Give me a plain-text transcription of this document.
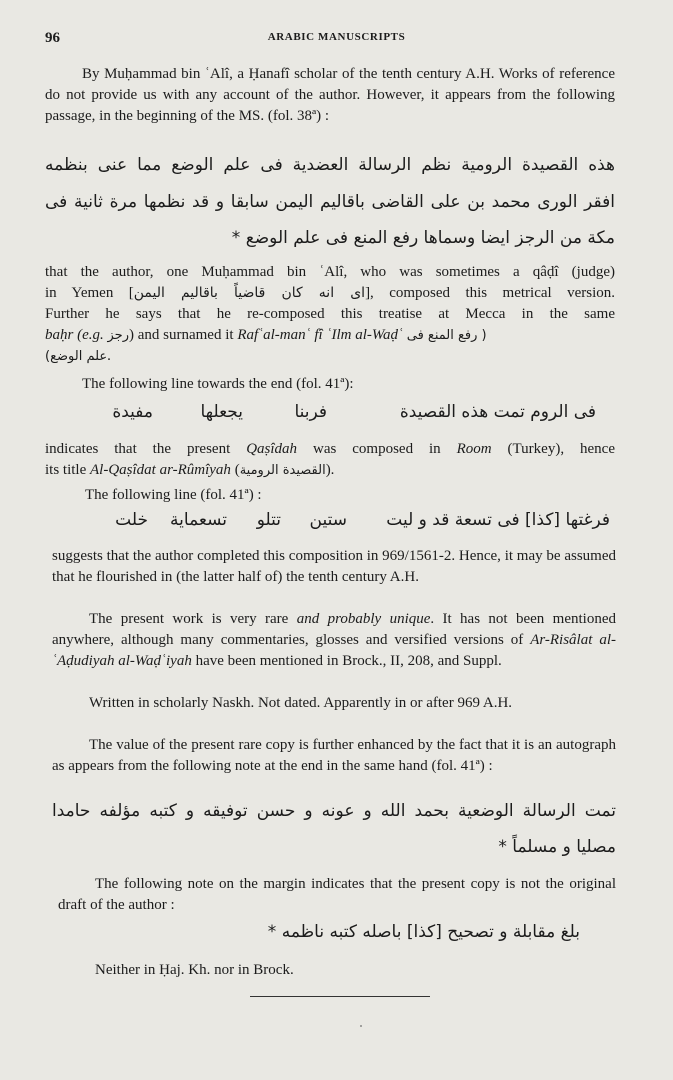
96	ARABIC MANUSCRIPTS

By Muḥammad bin ʿAlî, a Ḥanafî scholar of the tenth century A.H. Works of reference do not provide us with any account of the author. However, it appears from the following passage, in the beginning of the MS. (fol. 38ª) :

هذه القصيدة الرومية نظم الرسالة العضدية فى علم الوضع مما عنى بنظمه
افقر الورى محمد بن على القاضى باقاليم اليمن سابقا و قد نظمها مرة ثانية فى
مكة من الرجز ايضا وسماها رفع المنع فى علم الوضع *
that the author, one Muḥammad bin ʿAlî, who was sometimes a qâḍî (judge)
in Yemen [اى انه كان قاضياً باقاليم اليمن], composed this metrical version.
Further he says that he re-composed this treatise at Mecca in the same
baḥr (e.g. رجز) and surnamed it Rafʿal-manʿ fî ʿIlm al-Waḍʿ ( رفع المنع فى
علم الوضع).
The following line towards the end (fol. 41ª):
فى الروم تمت هذه القصيدة
فربنا
يجعلها
مفيدة
indicates that the present Qaṣîdah was composed in Room (Turkey), hence
its title Al-Qaṣîdat ar-Rûmîyah (القصيدة الرومية).
The following line (fol. 41ª) :
فرغتها [كذا] فى تسعة قد و ليت
ستين
تتلو
تسعماية
خلت

suggests that the author completed this composition in 969/1561-2. Hence, it may be assumed that he flourished in (the latter half of) the tenth century A.H.

The present work is very rare and probably unique. It has not been mentioned anywhere, although many commentaries, glosses and versified versions of Ar-Risâlat al-ʿAḍudiyah al-Waḍʿiyah have been mentioned in Brock., II, 208, and Suppl.

Written in scholarly Naskh. Not dated. Apparently in or after 969 A.H.

The value of the present rare copy is further enhanced by the fact that it is an autograph as appears from the following note at the end in the same hand (fol. 41ª) :

تمت الرسالة الوضعية بحمد الله و عونه و حسن توفيقه و كتبه مؤلفه حامدا
مصليا و مسلماً *

The following note on the margin indicates that the present copy is not the original draft of the author :

بلغ مقابلة و تصحيح [كذا] باصله كتبه ناظمه *
Neither in Ḥaj. Kh. nor in Brock.
